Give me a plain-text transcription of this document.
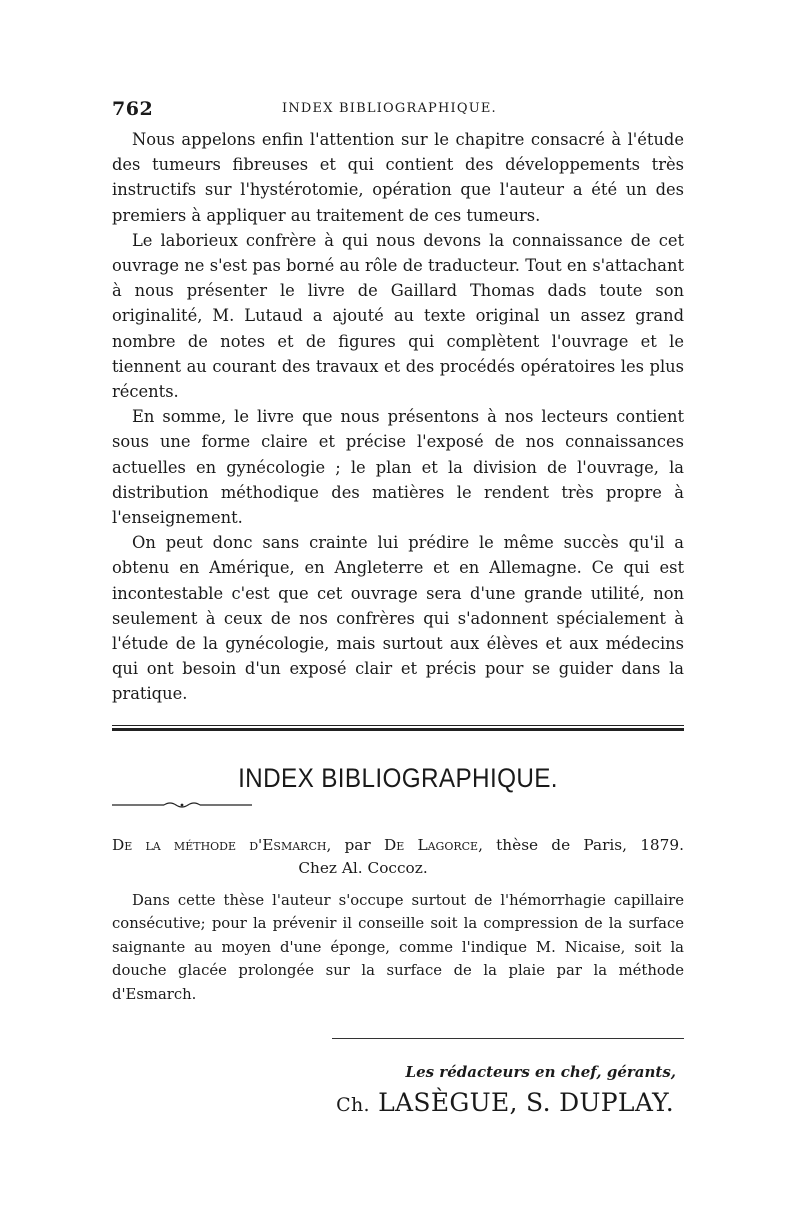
762	INDEX BIBLIOGRAPHIQUE.

Nous appelons enfin l'attention sur le chapitre consacré à l'étude des tumeurs fibreuses et qui contient des développements très instructifs sur l'hystérotomie, opération que l'auteur a été un des premiers à appliquer au traitement de ces tumeurs.

Le laborieux confrère à qui nous devons la connaissance de cet ouvrage ne s'est pas borné au rôle de traducteur. Tout en s'attachant à nous présenter le livre de Gaillard Thomas dads toute son originalité, M. Lutaud a ajouté au texte original un assez grand nombre de notes et de figures qui complètent l'ouvrage et le tiennent au courant des travaux et des procédés opératoires les plus récents.

En somme, le livre que nous présentons à nos lecteurs contient sous une forme claire et précise l'exposé de nos connaissances actuelles en gynécologie ; le plan et la division de l'ouvrage, la distribution méthodique des matières le rendent très propre à l'enseignement.

On peut donc sans crainte lui prédire le même succès qu'il a obtenu en Amérique, en Angleterre et en Allemagne. Ce qui est incontestable c'est que cet ouvrage sera d'une grande utilité, non seulement à ceux de nos confrères qui s'adonnent spécialement à l'étude de la gynécologie, mais surtout aux élèves et aux médecins qui ont besoin d'un exposé clair et précis pour se guider dans la pratique.

INDEX BIBLIOGRAPHIQUE.
De la méthode d'Esmarch, par De Lagorce, thèse de Paris, 1879.
Chez Al. Coccoz.

Dans cette thèse l'auteur s'occupe surtout de l'hémorrhagie capillaire consécutive; pour la prévenir il conseille soit la compression de la surface saignante au moyen d'une éponge, comme l'indique M. Nicaise, soit la douche glacée prolongée sur la surface de la plaie par la méthode d'Esmarch.

Les rédacteurs en chef, gérants,
Ch. LASÈGUE, S. DUPLAY.
